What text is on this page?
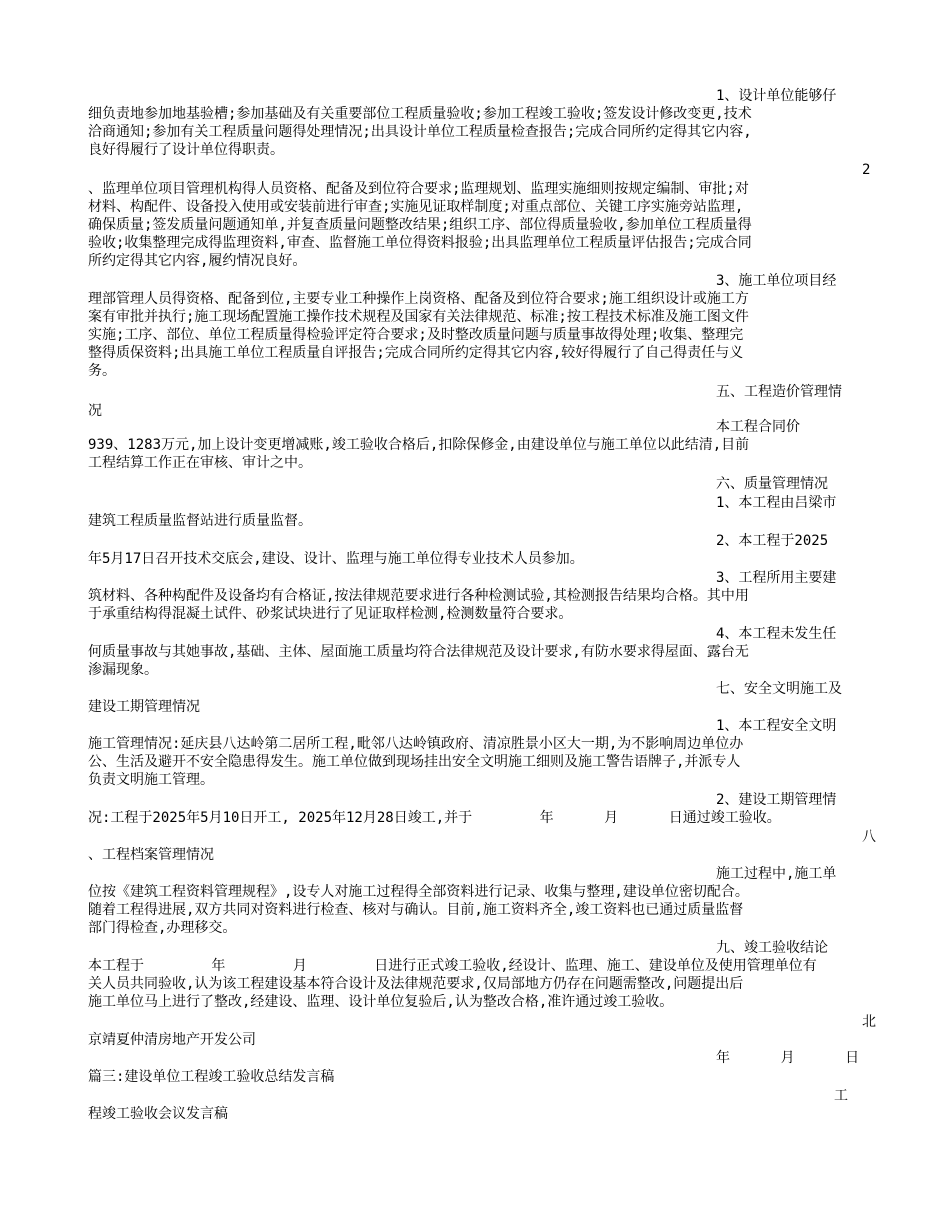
1、设计单位能够仔

细负责地参加地基验槽;参加基础及有关重要部位工程质量验收;参加工程竣工验收;签发设计修改变更,技术

洽商通知;参加有关工程质量问题得处理情况;出具设计单位工程质量检查报告;完成合同所约定得其它内容,

良好得履行了设计单位得职责。

2

、监理单位项目管理机构得人员资格、配备及到位符合要求;监理规划、监理实施细则按规定编制、审批;对

材料、构配件、设备投入使用或安装前进行审查;实施见证取样制度;对重点部位、关键工序实施旁站监理,

确保质量;签发质量问题通知单,并复查质量问题整改结果;组织工序、部位得质量验收,参加单位工程质量得

验收;收集整理完成得监理资料,审查、监督施工单位得资料报验;出具监理单位工程质量评估报告;完成合同

所约定得其它内容,履约情况良好。

3、施工单位项目经

理部管理人员得资格、配备到位,主要专业工种操作上岗资格、配备及到位符合要求;施工组织设计或施工方

案有审批并执行;施工现场配置施工操作技术规程及国家有关法律规范、标准;按工程技术标准及施工图文件

实施;工序、部位、单位工程质量得检验评定符合要求;及时整改质量问题与质量事故得处理;收集、整理完

整得质保资料;出具施工单位工程质量自评报告;完成合同所约定得其它内容,较好得履行了自己得责任与义

务。

五、工程造价管理情

况

本工程合同价

939、1283万元,加上设计变更增减账,竣工验收合格后,扣除保修金,由建设单位与施工单位以此结清,目前

工程结算工作正在审核、审计之中。

六、质量管理情况

1、本工程由吕梁市

建筑工程质量监督站进行质量监督。

2、本工程于2025

年5月17日召开技术交底会,建设、设计、监理与施工单位得专业技术人员参加。

3、工程所用主要建

筑材料、各种构配件及设备均有合格证,按法律规范要求进行各种检测试验,其检测报告结果均合格。其中用

于承重结构得混凝土试件、砂浆试块进行了见证取样检测,检测数量符合要求。

4、本工程未发生任

何质量事故与其她事故,基础、主体、屋面施工质量均符合法律规范及设计要求,有防水要求得屋面、露台无

渗漏现象。

七、安全文明施工及

建设工期管理情况

1、本工程安全文明

施工管理情况:延庆县八达岭第二居所工程,毗邻八达岭镇政府、清凉胜景小区大一期,为不影响周边单位办

公、生活及避开不安全隐患得发生。施工单位做到现场挂出安全文明施工细则及施工警告语牌子,并派专人

负责文明施工管理。

2、建设工期管理情

况:工程于2025年5月10日开工, 2025年12月28日竣工,并于        年      月      日通过竣工验收。

八

、工程档案管理情况

施工过程中,施工单

位按《建筑工程资料管理规程》,设专人对施工过程得全部资料进行记录、收集与整理,建设单位密切配合。

随着工程得进展,双方共同对资料进行检查、核对与确认。目前,施工资料齐全,竣工资料也已通过质量监督

部门得检查,办理移交。

九、竣工验收结论

本工程于        年        月        日进行正式竣工验收,经设计、监理、施工、建设单位及使用管理单位有

关人员共同验收,认为该工程建设基本符合设计及法律规范要求,仅局部地方仍存在问题需整改,问题提出后

施工单位马上进行了整改,经建设、监理、设计单位复验后,认为整改合格,准许通过竣工验收。

北

京靖夏仲清房地产开发公司

年      月      日

篇三:建设单位工程竣工验收总结发言稿

工

程竣工验收会议发言稿
